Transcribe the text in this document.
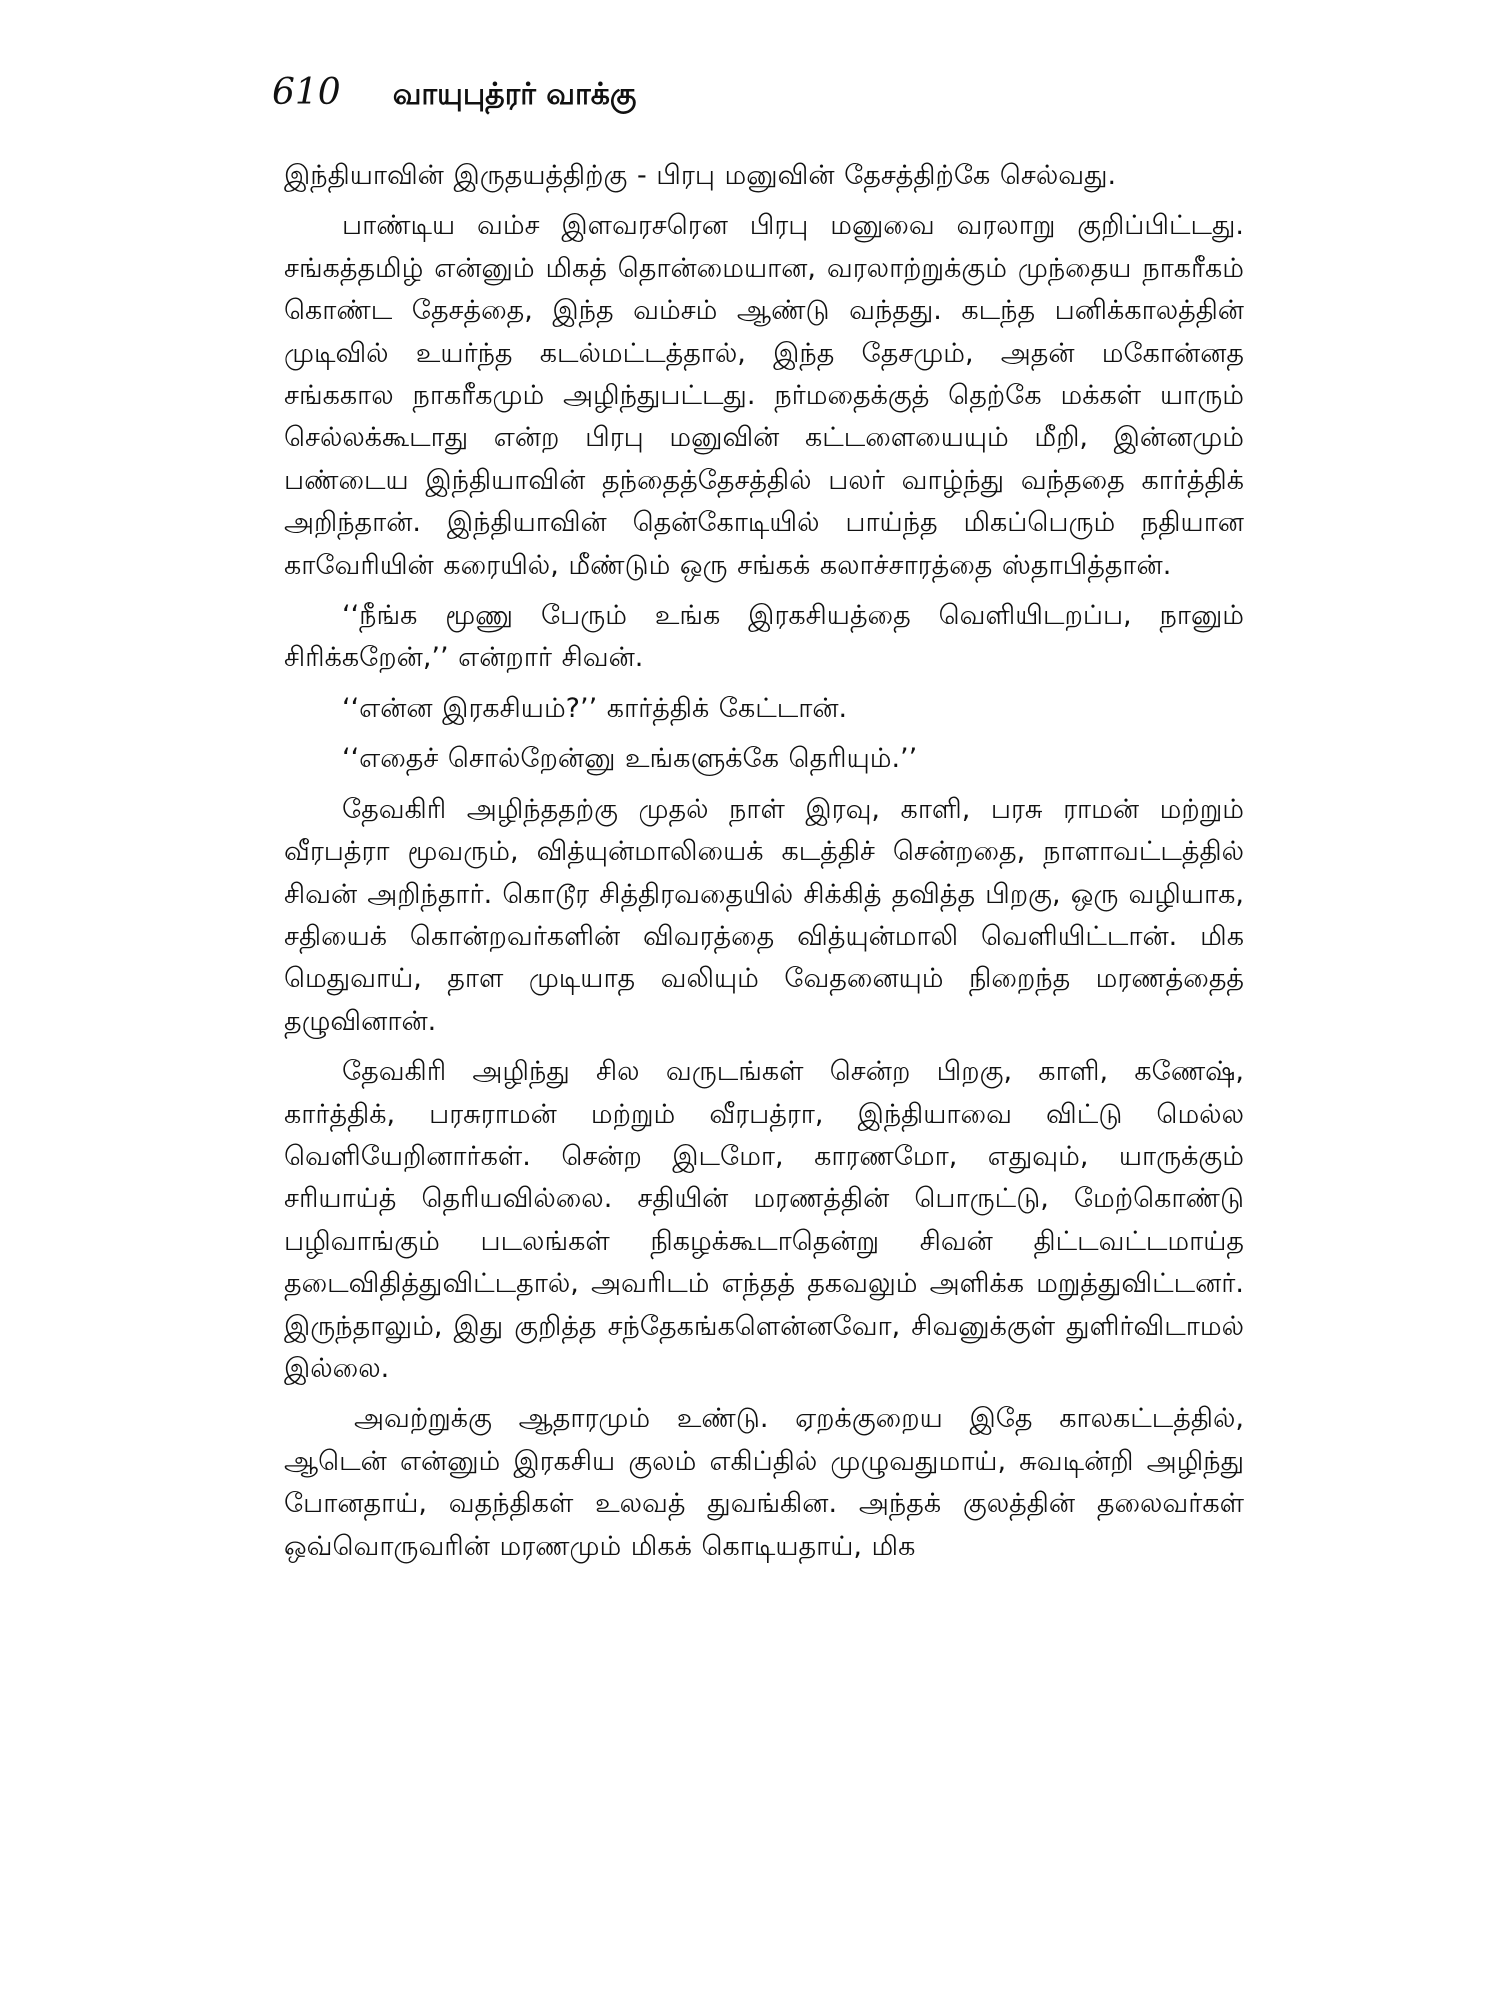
610 வாயுபுத்ரர் வாக்கு

இந்தியாவின் இருதயத்திற்கு - பிரபு மனுவின் தேசத்திற்கே செல்வது.

பாண்டிய வம்ச இளவரசரென பிரபு மனுவை வரலாறு குறிப்பிட்டது. சங்கத்தமிழ் என்னும் மிகத் தொன்மையான, வரலாற்றுக்கும் முந்தைய நாகரீகம் கொண்ட தேசத்தை, இந்த வம்சம் ஆண்டு வந்தது. கடந்த பனிக்காலத்தின் முடிவில் உயர்ந்த கடல்மட்டத்தால், இந்த தேசமும், அதன் மகோன்னத சங்ககால நாகரீகமும் அழிந்துபட்டது. நர்மதைக்குத் தெற்கே மக்கள் யாரும் செல்லக்கூடாது என்ற பிரபு மனுவின் கட்டளையையும் மீறி, இன்னமும் பண்டைய இந்தியாவின் தந்தைத்தேசத்தில் பலர் வாழ்ந்து வந்ததை கார்த்திக் அறிந்தான். இந்தியாவின் தென்கோடியில் பாய்ந்த மிகப்பெரும் நதியான காவேரியின் கரையில், மீண்டும் ஒரு சங்கக் கலாச்சாரத்தை ஸ்தாபித்தான்.

‘‘நீங்க மூணு பேரும் உங்க இரகசியத்தை வெளியிடறப்ப, நானும் சிரிக்கறேன்,’’ என்றார் சிவன்.

‘‘என்ன இரகசியம்?’’ கார்த்திக் கேட்டான்.

‘‘எதைச் சொல்றேன்னு உங்களுக்கே தெரியும்.’’

தேவகிரி அழிந்ததற்கு முதல் நாள் இரவு, காளி, பரசு ராமன் மற்றும் வீரபத்ரா மூவரும், வித்யுன்மாலியைக் கடத்திச் சென்றதை, நாளாவட்டத்தில் சிவன் அறிந்தார். கொடூர சித்திரவதையில் சிக்கித் தவித்த பிறகு, ஒரு வழியாக, சதியைக் கொன்றவர்களின் விவரத்தை வித்யுன்மாலி வெளியிட்டான். மிக மெதுவாய், தாள முடியாத வலியும் வேதனையும் நிறைந்த மரணத்தைத் தழுவினான்.

தேவகிரி அழிந்து சில வருடங்கள் சென்ற பிறகு, காளி, கணேஷ், கார்த்திக், பரசுராமன் மற்றும் வீரபத்ரா, இந்தியாவை விட்டு மெல்ல வெளியேறினார்கள். சென்ற இடமோ, காரணமோ, எதுவும், யாருக்கும் சரியாய்த் தெரியவில்லை. சதியின் மரணத்தின் பொருட்டு, மேற்கொண்டு பழிவாங்கும் படலங்கள் நிகழக்கூடாதென்று சிவன் திட்டவட்டமாய்த தடைவிதித்துவிட்டதால், அவரிடம் எந்தத் தகவலும் அளிக்க மறுத்துவிட்டனர். இருந்தாலும், இது குறித்த சந்தேகங்களென்னவோ, சிவனுக்குள் துளிர்விடாமல் இல்லை.

அவற்றுக்கு ஆதாரமும் உண்டு. ஏறக்குறைய இதே காலகட்டத்தில், ஆடென் என்னும் இரகசிய குலம் எகிப்தில் முழுவதுமாய், சுவடின்றி அழிந்து போனதாய், வதந்திகள் உலவத் துவங்கின. அந்தக் குலத்தின் தலைவர்கள் ஒவ்வொருவரின் மரணமும் மிகக் கொடியதாய், மிக
